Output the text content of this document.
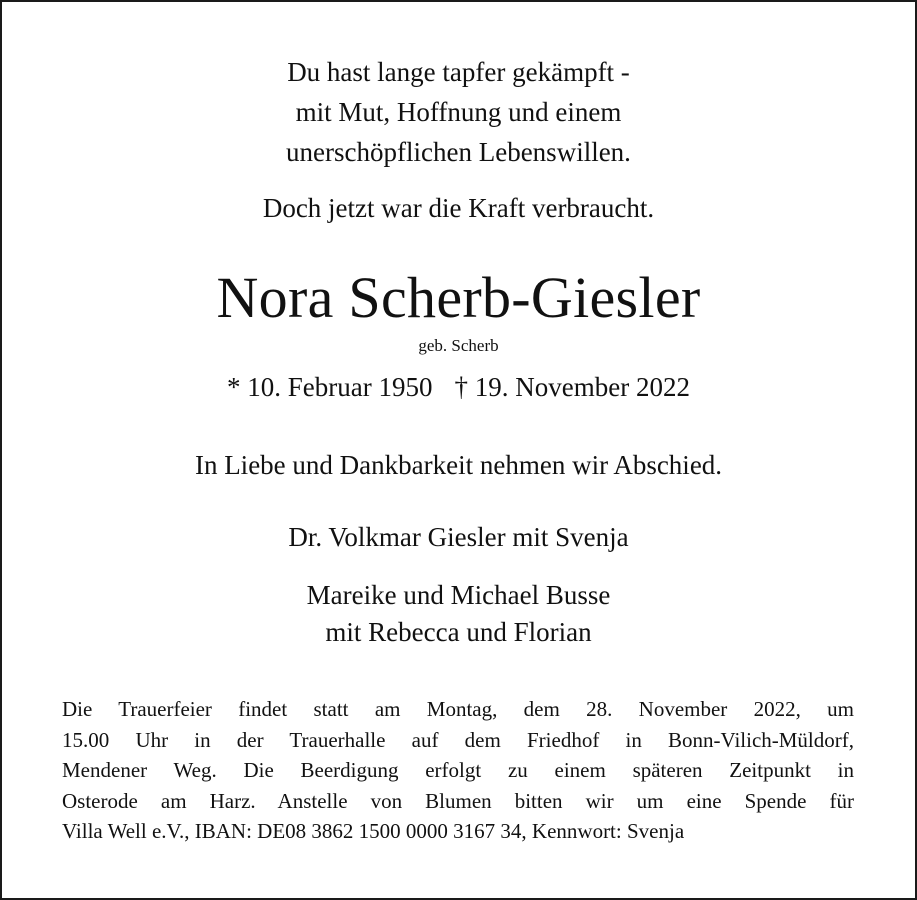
Du hast lange tapfer gekämpft -
mit Mut, Hoffnung und einem
unerschöpflichen Lebenswillen.
Doch jetzt war die Kraft verbraucht.
Nora Scherb-Giesler
geb. Scherb
* 10. Februar 1950 † 19. November 2022
In Liebe und Dankbarkeit nehmen wir Abschied.
Dr. Volkmar Giesler mit Svenja
Mareike und Michael Busse
mit Rebecca und Florian
Die Trauerfeier findet statt am Montag, dem 28. November 2022, um
15.00 Uhr in der Trauerhalle auf dem Friedhof in Bonn-Vilich-Müldorf,
Mendener Weg. Die Beerdigung erfolgt zu einem späteren Zeitpunkt in
Osterode am Harz. Anstelle von Blumen bitten wir um eine Spende für
Villa Well e.V., IBAN: DE08 3862 1500 0000 3167 34, Kennwort: Svenja
